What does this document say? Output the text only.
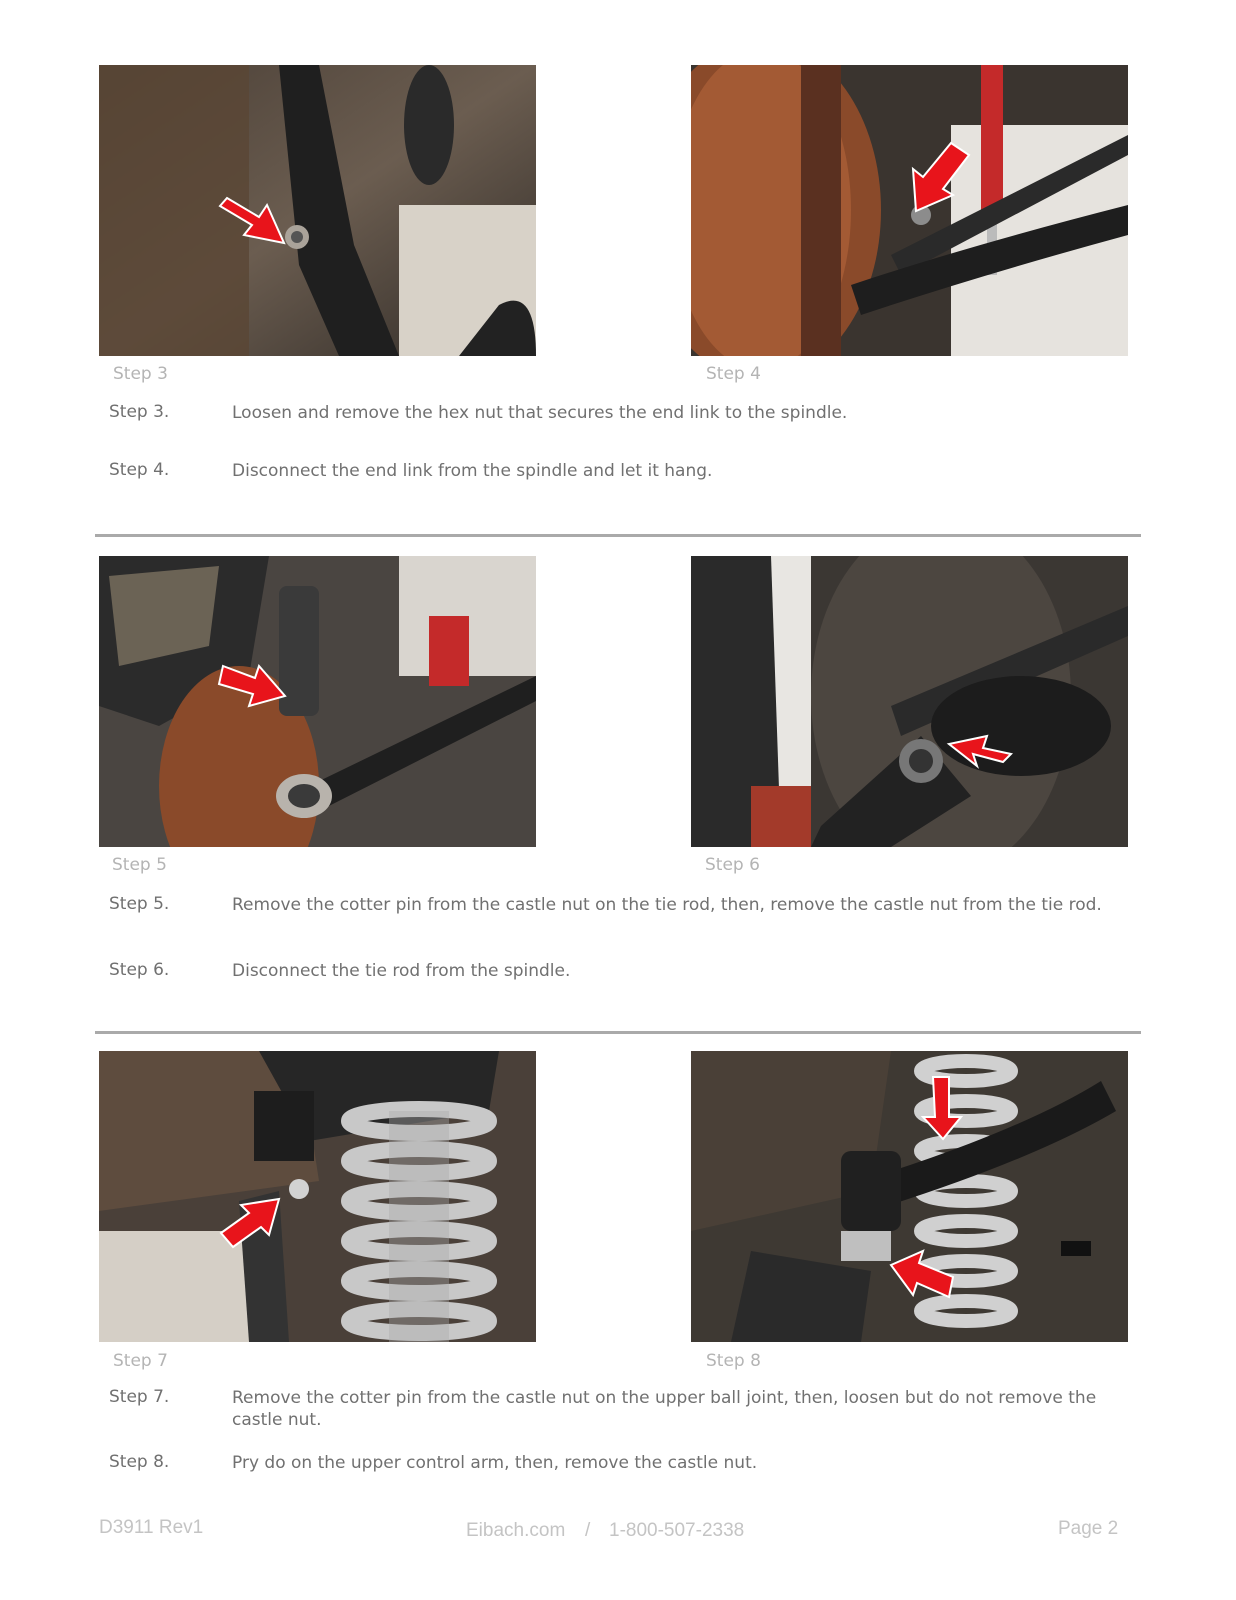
Step 3	Step 4
Step 3.	Loosen and remove the hex nut that secures the end link to the spindle.
Step 4.	Disconnect the end link from the spindle and let it hang.
Step 5	Step 6
Step 5.	Remove the cotter pin from the castle nut on the tie rod, then, remove the castle nut from the tie rod.
Step 6.	Disconnect the tie rod from the spindle.
Step 7	Step 8
Step 7.	Remove the cotter pin from the castle nut on the upper ball joint, then, loosen but do not remove the castle nut.
Step 8.	Pry do on the upper control arm, then, remove the castle nut.
D3911 Rev1	Eibach.com / 1-800-507-2338	Page 2
